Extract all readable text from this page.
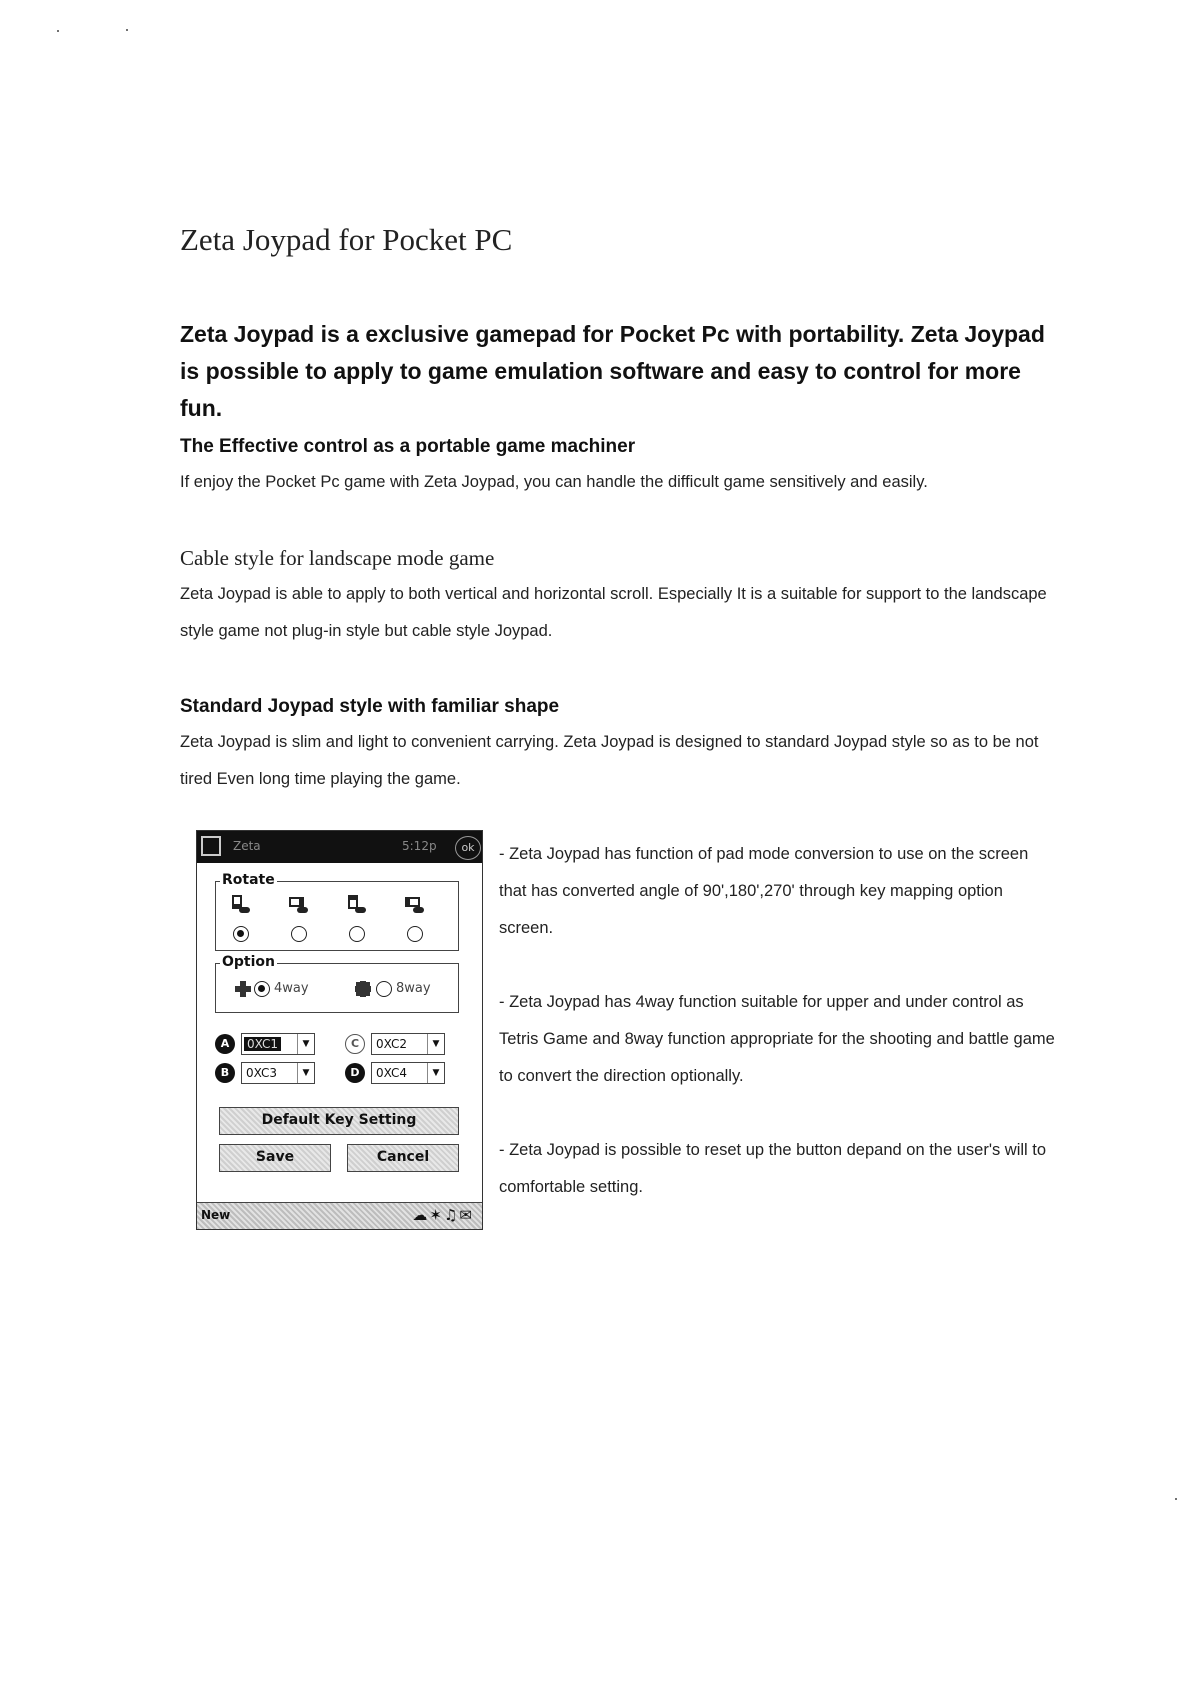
Zeta Joypad for Pocket PC
Zeta Joypad is a exclusive gamepad for Pocket Pc with portability. Zeta Joypad is possible to apply to game emulation software and easy to control for more fun.
The Effective control as a portable game machiner
If enjoy the Pocket Pc game with Zeta Joypad, you can handle the difficult game sensitively and easily.
Cable style for landscape mode game
Zeta Joypad is able to apply to both vertical and horizontal scroll. Especially It is a suitable for support to the landscape style game not plug-in style but cable style Joypad.
Standard Joypad style with familiar shape
Zeta Joypad is slim and light to convenient carrying. Zeta Joypad is designed to standard Joypad style so as to be not tired Even long time playing the game.
- Zeta Joypad has function of pad mode conversion to use on the screen that has converted angle of 90',180',270' through key mapping option screen.
- Zeta Joypad has 4way function suitable for upper and under control as Tetris Game and 8way function appropriate for the shooting and battle game to convert the direction optionally.
- Zeta Joypad is possible to reset up the button depand on the user's will to comfortable setting.
Zeta	5:12p	ok
Rotate
Option
4way	8way
A	0XC1	▼	C	0XC2	▼
B	0XC3	▼	D	0XC4	▼
Default Key Setting
Save	Cancel
New	☁✶♫✉
